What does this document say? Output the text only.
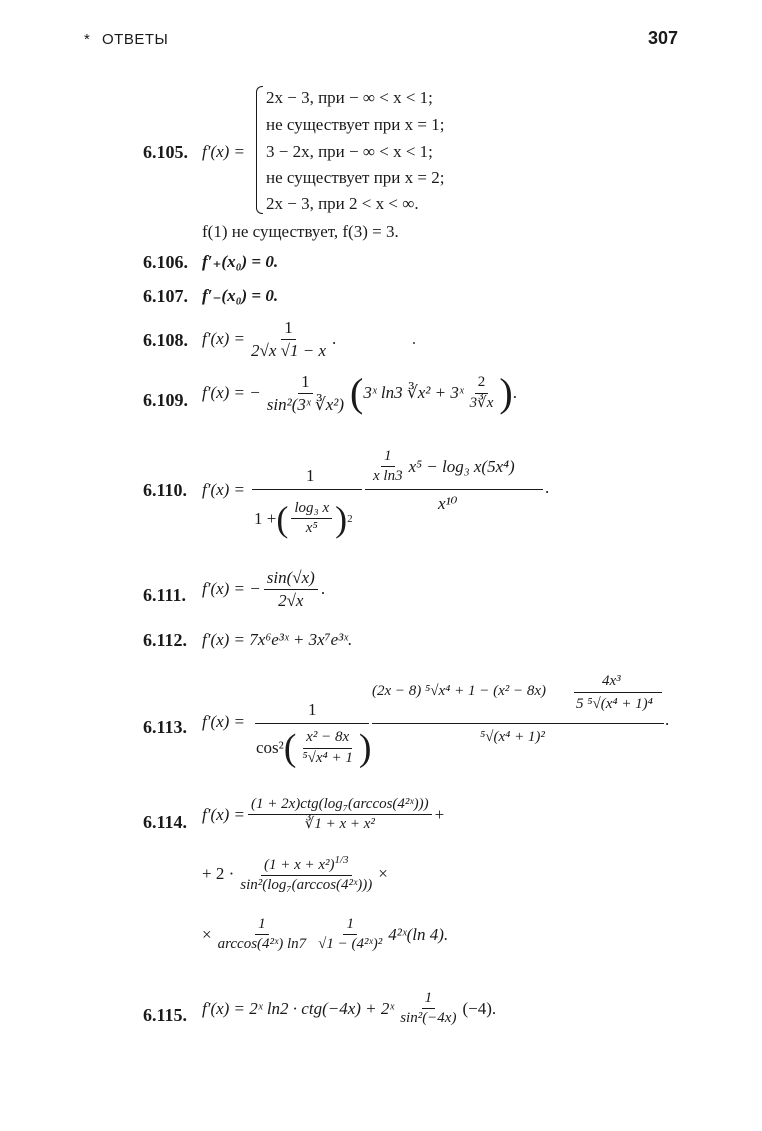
* ОТВЕТЫ	307
6.105. f′(x) =
2x − 3, при − ∞ < x < 1;
не существует при x = 1;
3 − 2x, при − ∞ < x < 1;
не существует при x = 2;
2x − 3, при 2 < x < ∞.
f(1) не существует, f(3) = 3.
6.106. f′₊(x₀) = 0.
6.107. f′₋(x₀) = 0.
6.108. $f'(x) = \frac{1}{2√x √1 - x}$ .
6.109. f′(x) = − $\frac{1}{\text{sin²(3ˣ ∛x²)}}$ ( 3ˣ ln3 ∛x² + 3ˣ $\frac{2}{3∛x}$ ) .
6.110. f′(x) =
1
1 + ( $\frac{\text{log₃ x}}{\text{x⁵}}$ ) 2
$\frac{1}{\text{x ln3}} x^5 - \log_3$ x(5x⁴)
x¹⁰
.
6.111. f′(x) = − $\frac{\sin(√x)}{2√x}$ .
6.112. f′(x) = 7x⁶e³ˣ + 3x⁷e³ˣ.
6.113. f′(x) =
1
cos² ( $\frac{\text{x² − 8x}}{\text{⁵√x⁴ + 1}}$ )
(2x − 8) ⁵√x⁴ + 1 − (x² − 8x)
4x³
5 ⁵√(x⁴ + 1)⁴
⁵√(x⁴ + 1)²
.
6.114. $f'(x) = \frac{\text{(1 + 2x)ctg(log₇(arccos(4²ˣ)))}}{\text{∛1 + x + x²}}$ +
+ $2 \cdot \frac{(1 + x + x^2)^{1/3}}{\text{sin²(log₇(arccos(4²ˣ)))}}$ ×
× $\frac{1}{\text{arccos(4²ˣ) ln7}} \frac{1}{\text{√1 − (4²ˣ)²}}$ 4²ˣ(ln 4).
6.115. f′(x) = 2ˣ ln2 · ctg(−4x) + 2ˣ $\frac{1}{\text{sin²(−4x)}} (-4)$.
